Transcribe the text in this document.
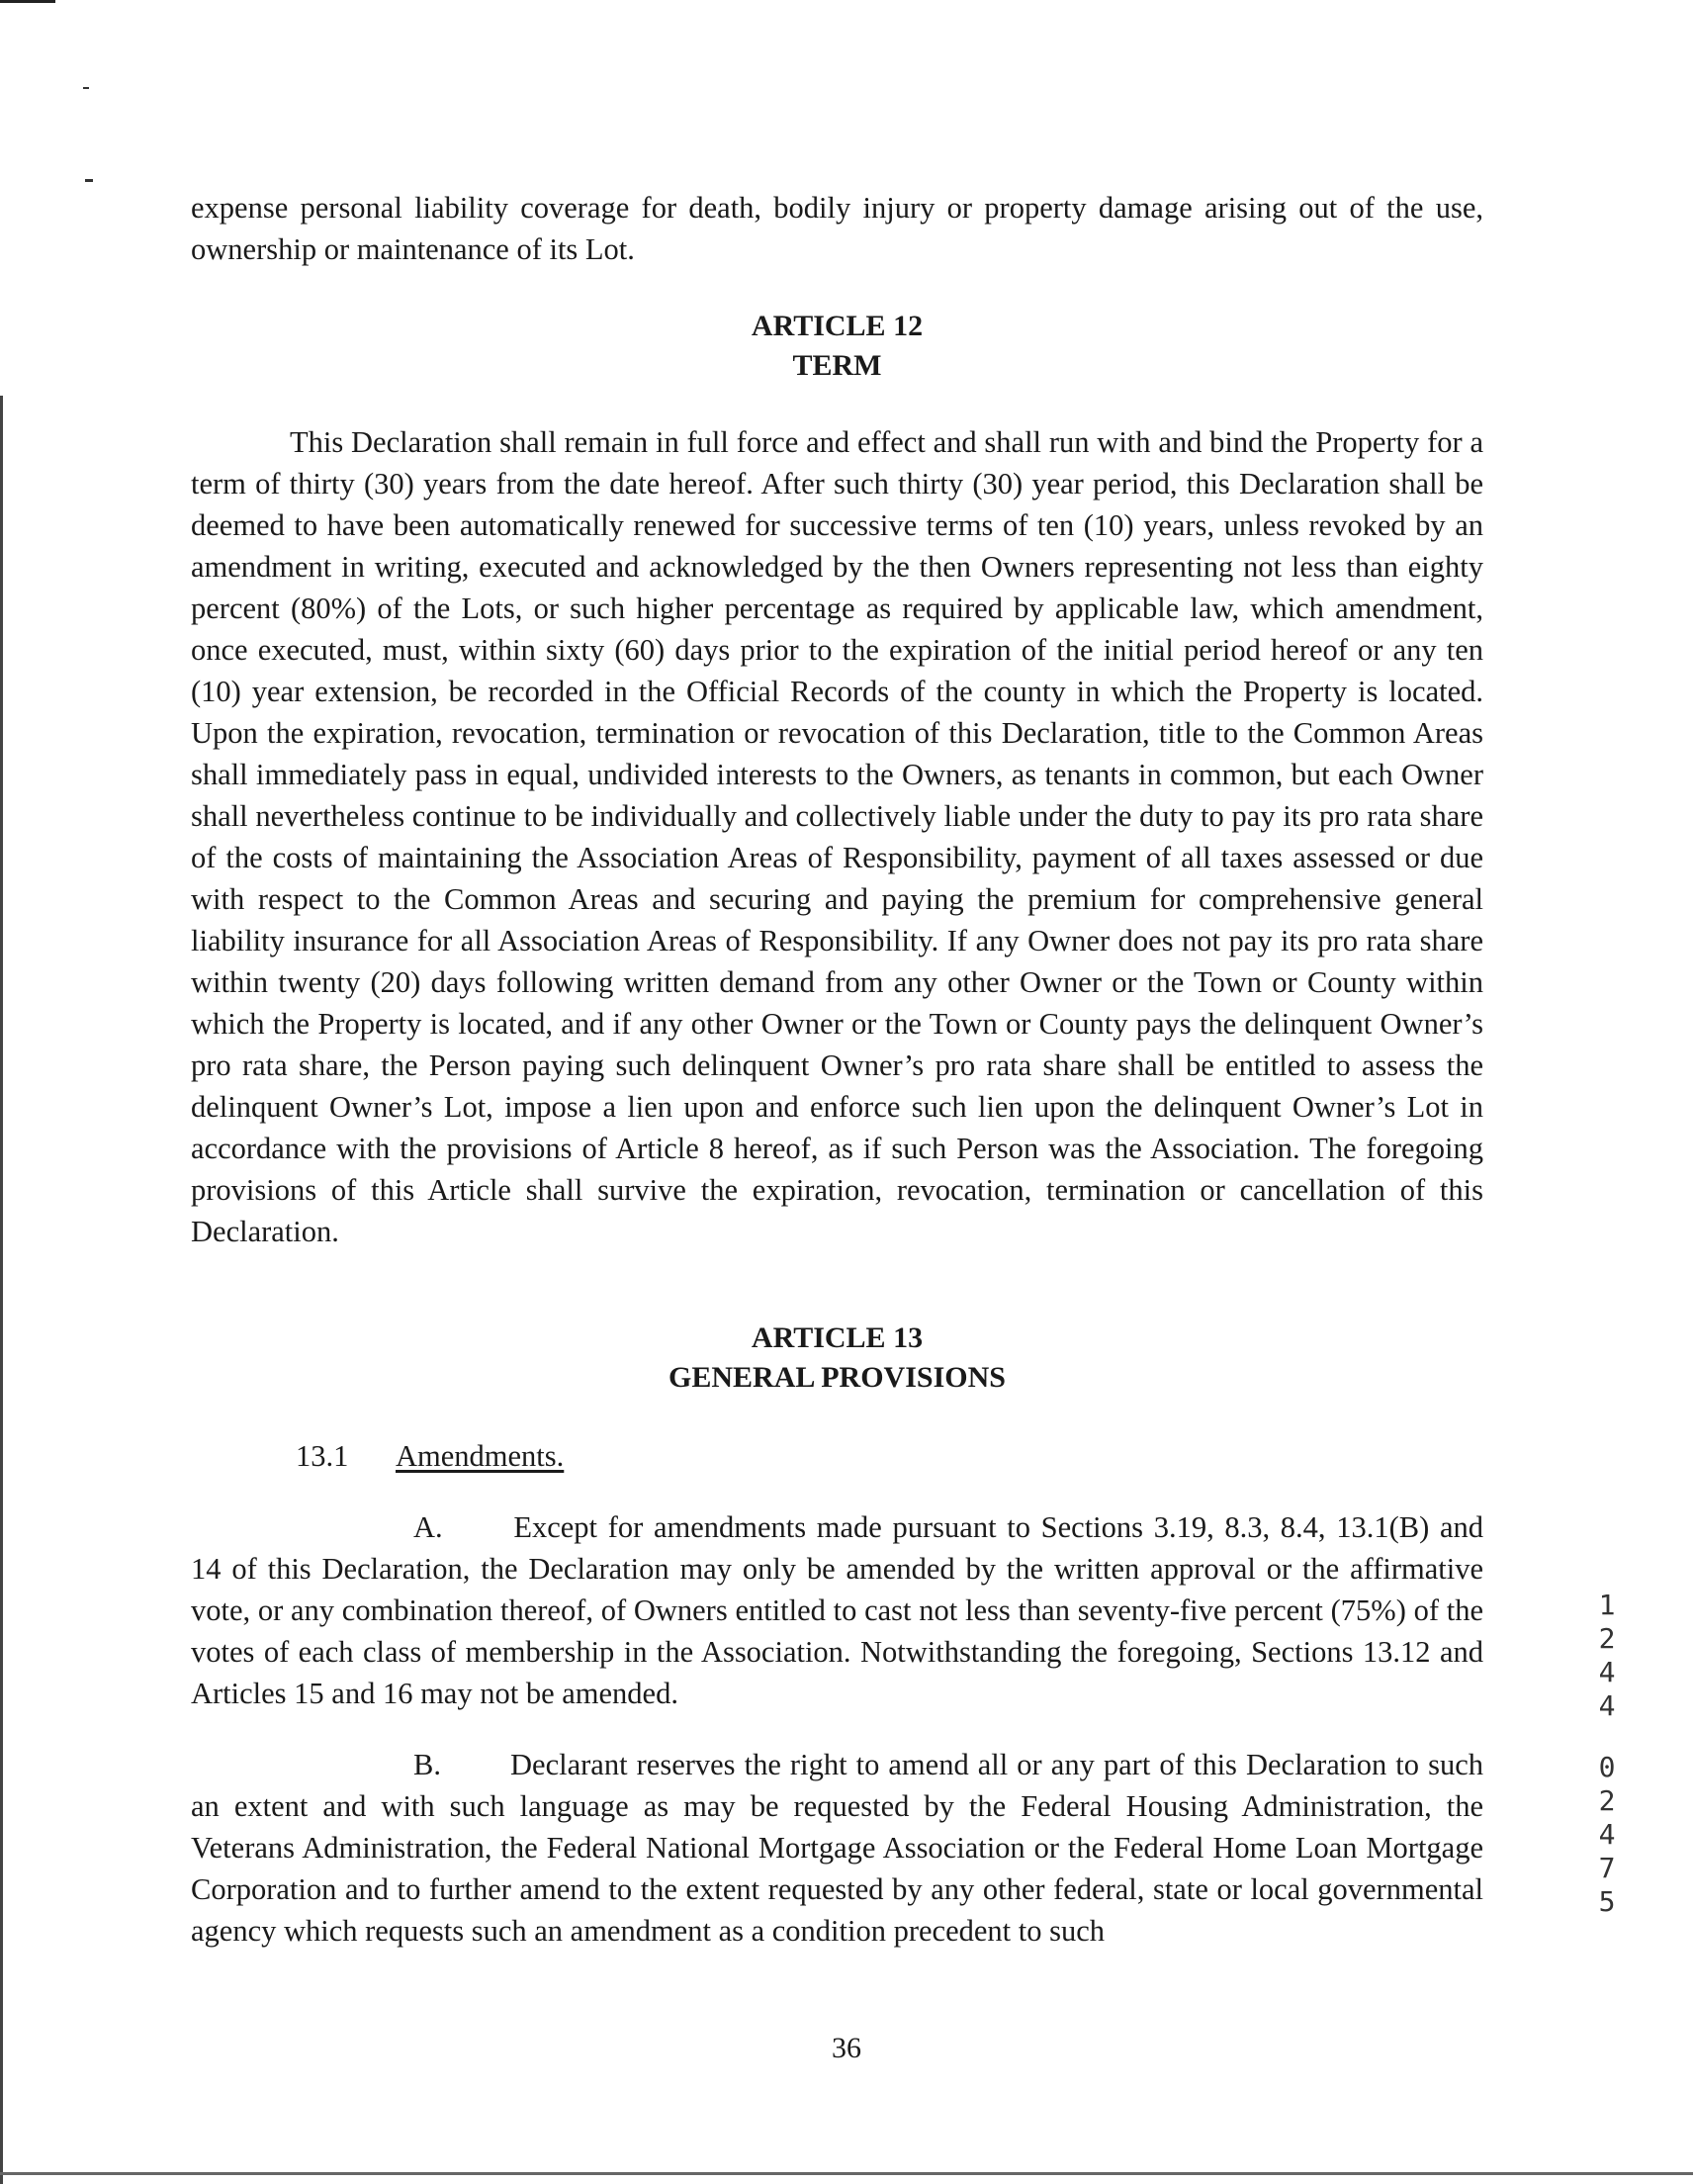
expense personal liability coverage for death, bodily injury or property damage arising out of the use, ownership or maintenance of its Lot.

ARTICLE 12

TERM

This Declaration shall remain in full force and effect and shall run with and bind the Property for a term of thirty (30) years from the date hereof. After such thirty (30) year period, this Declaration shall be deemed to have been automatically renewed for successive terms of ten (10) years, unless revoked by an amendment in writing, executed and acknowledged by the then Owners representing not less than eighty percent (80%) of the Lots, or such higher percentage as required by applicable law, which amendment, once executed, must, within sixty (60) days prior to the expiration of the initial period hereof or any ten (10) year extension, be recorded in the Official Records of the county in which the Property is located. Upon the expiration, revocation, termination or revocation of this Declaration, title to the Common Areas shall immediately pass in equal, undivided interests to the Owners, as tenants in common, but each Owner shall nevertheless continue to be individually and collectively liable under the duty to pay its pro rata share of the costs of maintaining the Association Areas of Responsibility, payment of all taxes assessed or due with respect to the Common Areas and securing and paying the premium for comprehensive general liability insurance for all Association Areas of Responsibility. If any Owner does not pay its pro rata share within twenty (20) days following written demand from any other Owner or the Town or County within which the Property is located, and if any other Owner or the Town or County pays the delinquent Owner’s pro rata share, the Person paying such delinquent Owner’s pro rata share shall be entitled to assess the delinquent Owner’s Lot, impose a lien upon and enforce such lien upon the delinquent Owner’s Lot in accordance with the provisions of Article 8 hereof, as if such Person was the Association. The foregoing provisions of this Article shall survive the expiration, revocation, termination or cancellation of this Declaration.

ARTICLE 13

GENERAL PROVISIONS

13.1 Amendments.

A.   Except for amendments made pursuant to Sections 3.19, 8.3, 8.4, 13.1(B) and 14 of this Declaration, the Declaration may only be amended by the written approval or the affirmative vote, or any combination thereof, of Owners entitled to cast not less than seventy-five percent (75%) of the votes of each class of membership in the Association. Notwithstanding the foregoing, Sections 13.12 and Articles 15 and 16 may not be amended.

B.   Declarant reserves the right to amend all or any part of this Declaration to such an extent and with such language as may be requested by the Federal Housing Administration, the Veterans Administration, the Federal National Mortgage Association or the Federal Home Loan Mortgage Corporation and to further amend to the extent requested by any other federal, state or local governmental agency which requests such an amendment as a condition precedent to such

36
1
2
4
4
0
2
4
7
5
